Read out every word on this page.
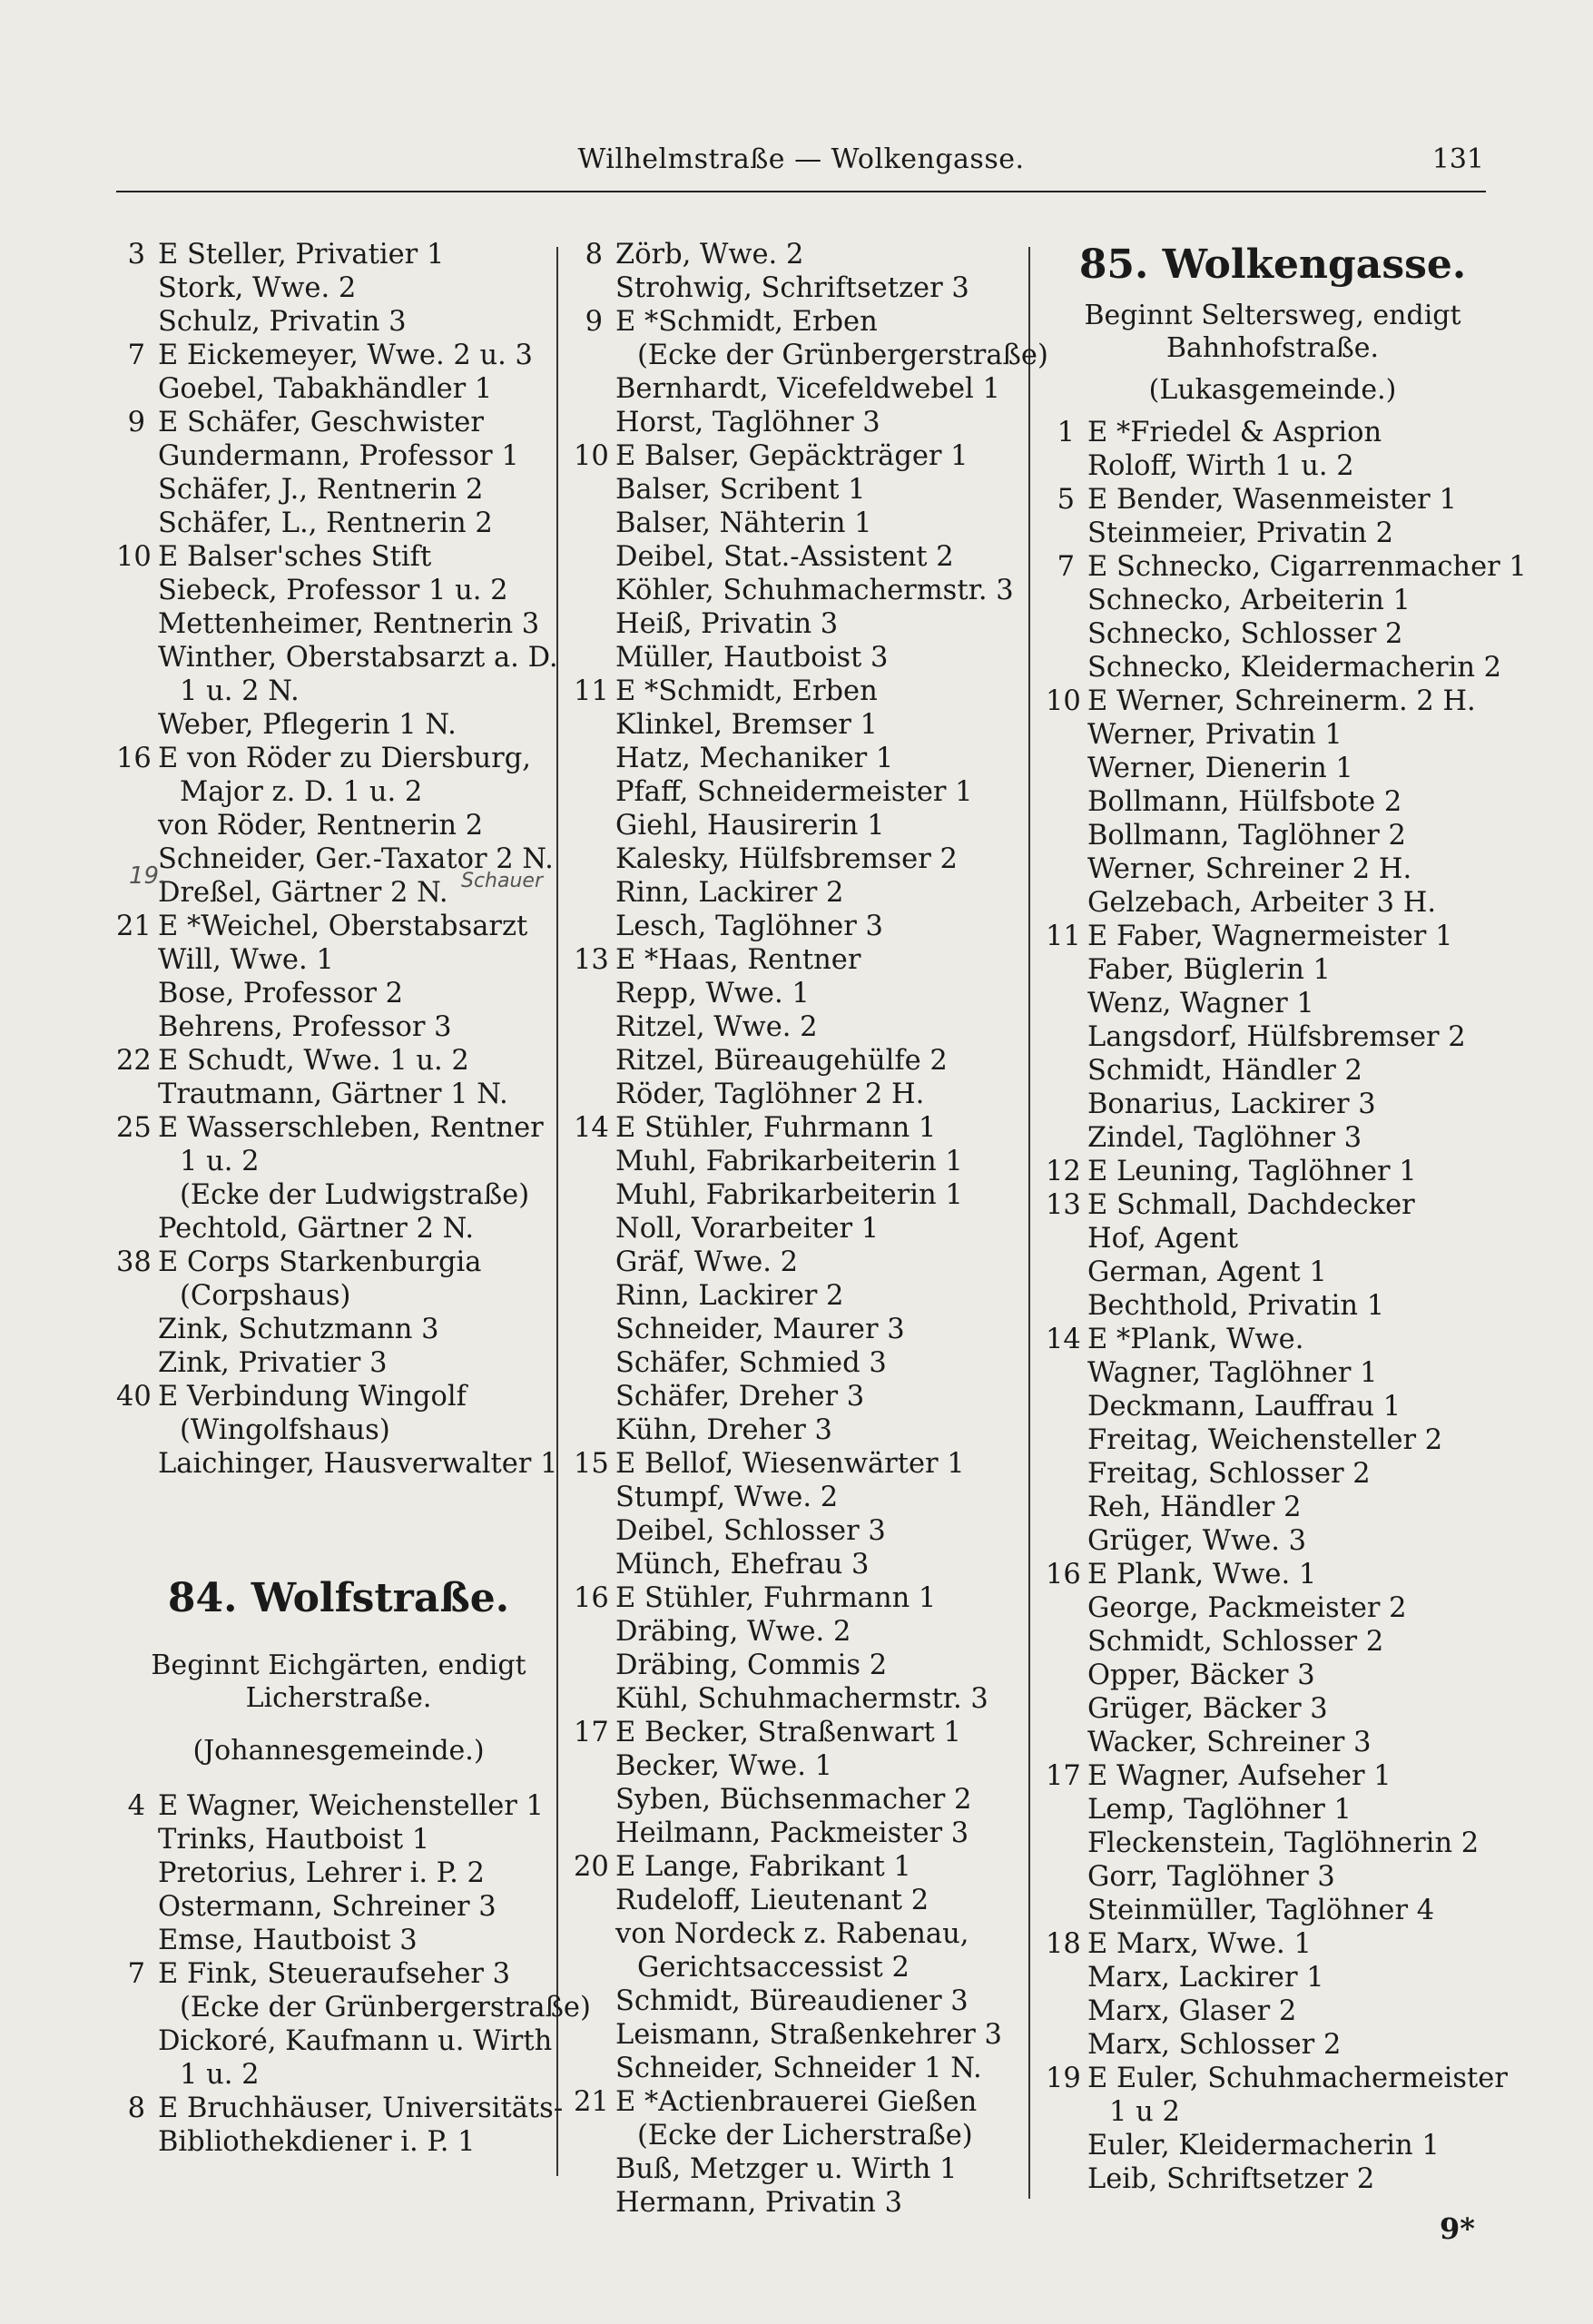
Wilhelmstraße — Wolkengasse.	131
3 E Steller, Privatier 1
Stork, Wwe. 2
Schulz, Privatin 3
7 E Eickemeyer, Wwe. 2 u. 3
Goebel, Tabakhändler 1
9 E Schäfer, Geschwister
Gundermann, Professor 1
Schäfer, J., Rentnerin 2
Schäfer, L., Rentnerin 2
10 E Balser'sches Stift
Siebeck, Professor 1 u. 2
Mettenheimer, Rentnerin 3
Winther, Oberstabsarzt a. D.
1 u. 2 N.
Weber, Pflegerin 1 N.
16 E von Röder zu Diersburg,
Major z. D. 1 u. 2
von Röder, Rentnerin 2
Schneider, Ger.-Taxator 2 N.
Dreßel, Gärtner 2 N.
21 E *Weichel, Oberstabsarzt
Will, Wwe. 1
Bose, Professor 2
Behrens, Professor 3
22 E Schudt, Wwe. 1 u. 2
Trautmann, Gärtner 1 N.
25 E Wasserschleben, Rentner
1 u. 2
(Ecke der Ludwigstraße)
Pechtold, Gärtner 2 N.
38 E Corps Starkenburgia
(Corpshaus)
Zink, Schutzmann 3
Zink, Privatier 3
40 E Verbindung Wingolf
(Wingolfshaus)
Laichinger, Hausverwalter 1
84. Wolfstraße.
Beginnt Eichgärten, endigt
Licherstraße.
(Johannesgemeinde.)
4 E Wagner, Weichensteller 1
Trinks, Hautboist 1
Pretorius, Lehrer i. P. 2
Ostermann, Schreiner 3
Emse, Hautboist 3
7 E Fink, Steueraufseher 3
(Ecke der Grünbergerstraße)
Dickoré, Kaufmann u. Wirth
1 u. 2
8 E Bruchhäuser, Universitäts-
Bibliothekdiener i. P. 1
8 Zörb, Wwe. 2
Strohwig, Schriftsetzer 3
9 E *Schmidt, Erben
(Ecke der Grünbergerstraße)
Bernhardt, Vicefeldwebel 1
Horst, Taglöhner 3
10 E Balser, Gepäckträger 1
Balser, Scribent 1
Balser, Nähterin 1
Deibel, Stat.-Assistent 2
Köhler, Schuhmachermstr. 3
Heiß, Privatin 3
Müller, Hautboist 3
11 E *Schmidt, Erben
Klinkel, Bremser 1
Hatz, Mechaniker 1
Pfaff, Schneidermeister 1
Giehl, Hausirerin 1
Kalesky, Hülfsbremser 2
Rinn, Lackirer 2
Lesch, Taglöhner 3
13 E *Haas, Rentner
Repp, Wwe. 1
Ritzel, Wwe. 2
Ritzel, Büreaugehülfe 2
Röder, Taglöhner 2 H.
14 E Stühler, Fuhrmann 1
Muhl, Fabrikarbeiterin 1
Muhl, Fabrikarbeiterin 1
Noll, Vorarbeiter 1
Gräf, Wwe. 2
Rinn, Lackirer 2
Schneider, Maurer 3
Schäfer, Schmied 3
Schäfer, Dreher 3
Kühn, Dreher 3
15 E Bellof, Wiesenwärter 1
Stumpf, Wwe. 2
Deibel, Schlosser 3
Münch, Ehefrau 3
16 E Stühler, Fuhrmann 1
Dräbing, Wwe. 2
Dräbing, Commis 2
Kühl, Schuhmachermstr. 3
17 E Becker, Straßenwart 1
Becker, Wwe. 1
Syben, Büchsenmacher 2
Heilmann, Packmeister 3
20 E Lange, Fabrikant 1
Rudeloff, Lieutenant 2
von Nordeck z. Rabenau,
Gerichtsaccessist 2
Schmidt, Büreaudiener 3
Leismann, Straßenkehrer 3
Schneider, Schneider 1 N.
21 E *Actienbrauerei Gießen
(Ecke der Licherstraße)
Buß, Metzger u. Wirth 1
Hermann, Privatin 3
85. Wolkengasse.
Beginnt Seltersweg, endigt
Bahnhofstraße.
(Lukasgemeinde.)
1 E *Friedel & Asprion
Roloff, Wirth 1 u. 2
5 E Bender, Wasenmeister 1
Steinmeier, Privatin 2
7 E Schnecko, Cigarrenmacher 1
Schnecko, Arbeiterin 1
Schnecko, Schlosser 2
Schnecko, Kleidermacherin 2
10 E Werner, Schreinerm. 2 H.
Werner, Privatin 1
Werner, Dienerin 1
Bollmann, Hülfsbote 2
Bollmann, Taglöhner 2
Werner, Schreiner 2 H.
Gelzebach, Arbeiter 3 H.
11 E Faber, Wagnermeister 1
Faber, Büglerin 1
Wenz, Wagner 1
Langsdorf, Hülfsbremser 2
Schmidt, Händler 2
Bonarius, Lackirer 3
Zindel, Taglöhner 3
12 E Leuning, Taglöhner 1
13 E Schmall, Dachdecker
Hof, Agent
German, Agent 1
Bechthold, Privatin 1
14 E *Plank, Wwe.
Wagner, Taglöhner 1
Deckmann, Lauffrau 1
Freitag, Weichensteller 2
Freitag, Schlosser 2
Reh, Händler 2
Grüger, Wwe. 3
16 E Plank, Wwe. 1
George, Packmeister 2
Schmidt, Schlosser 2
Opper, Bäcker 3
Grüger, Bäcker 3
Wacker, Schreiner 3
17 E Wagner, Aufseher 1
Lemp, Taglöhner 1
Fleckenstein, Taglöhnerin 2
Gorr, Taglöhner 3
Steinmüller, Taglöhner 4
18 E Marx, Wwe. 1
Marx, Lackirer 1
Marx, Glaser 2
Marx, Schlosser 2
19 E Euler, Schuhmachermeister
1 u 2
Euler, Kleidermacherin 1
Leib, Schriftsetzer 2
19.	Schauer
9*
